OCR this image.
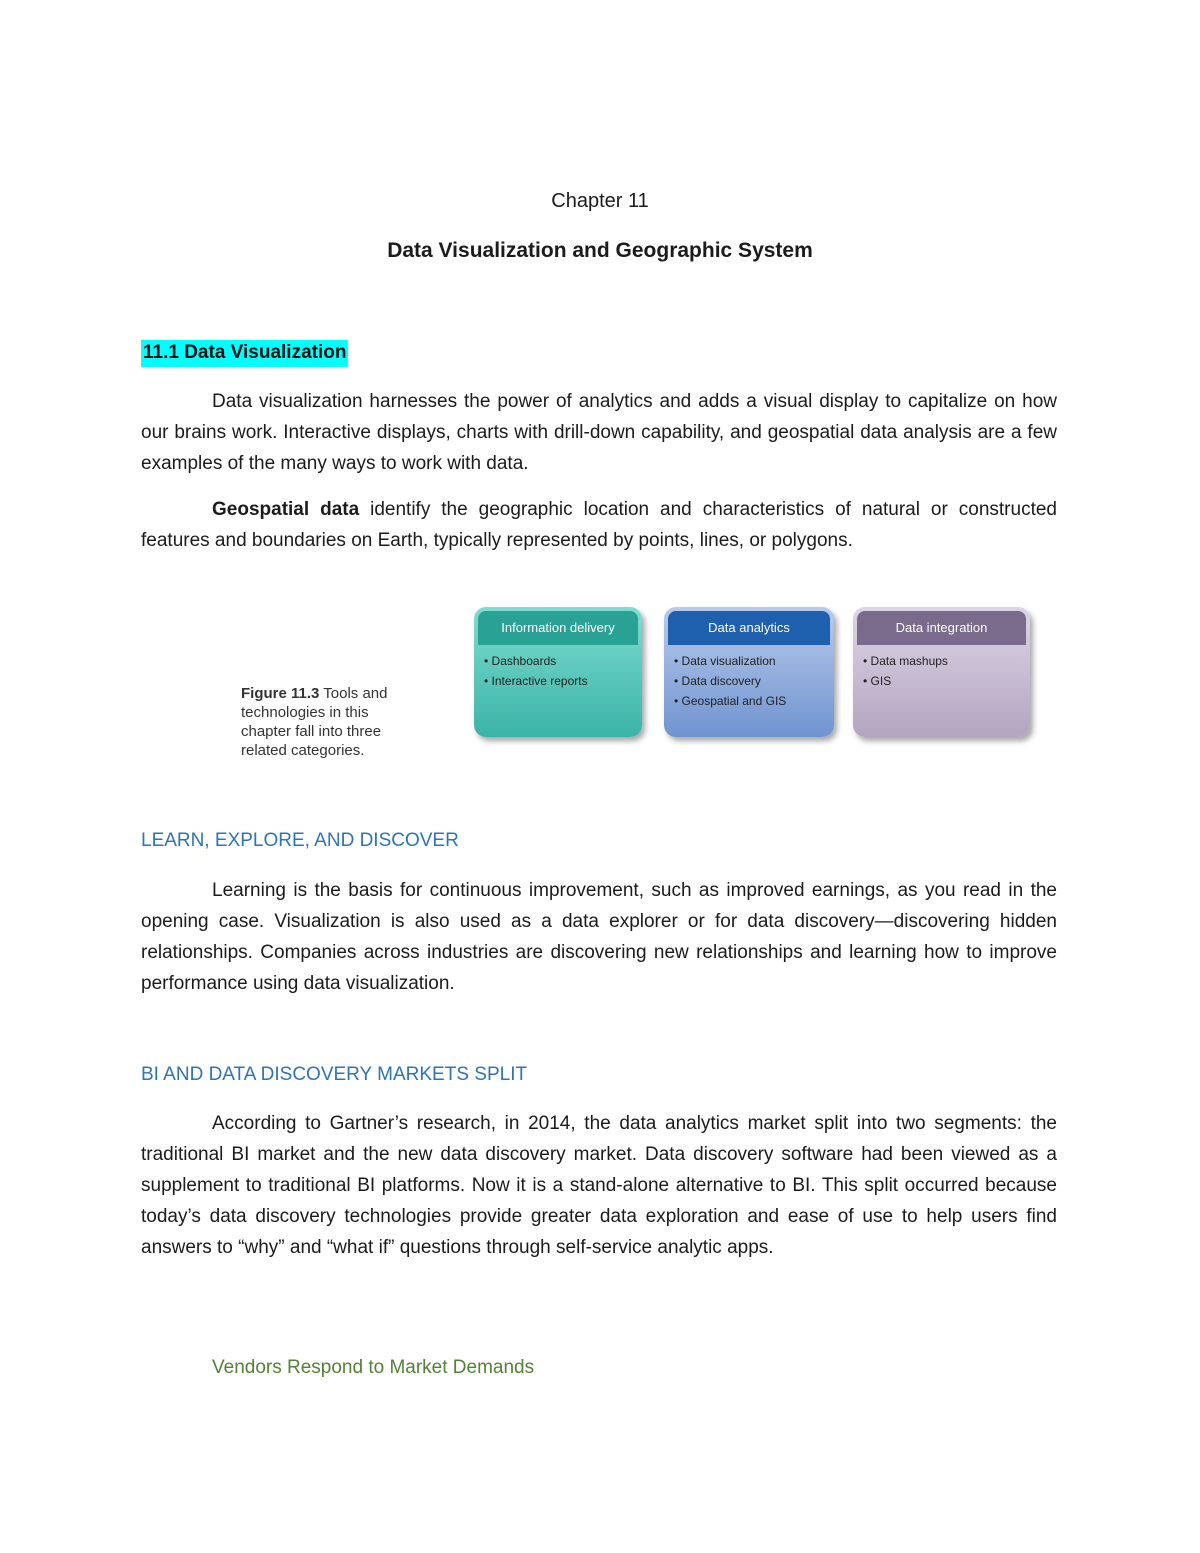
Chapter 11
Data Visualization and Geographic System
11.1 Data Visualization

Data visualization harnesses the power of analytics and adds a visual display to capitalize on how our brains work. Interactive displays, charts with drill-down capability, and geospatial data analysis are a few examples of the many ways to work with data.

Geospatial data identify the geographic location and characteristics of natural or constructed features and boundaries on Earth, typically represented by points, lines, or polygons.

Figure 11.3 Tools and technologies in this chapter fall into three related categories.
Information delivery
• Dashboards
• Interactive reports
Data analytics
• Data visualization
• Data discovery
• Geospatial and GIS
Data integration
• Data mashups
• GIS
LEARN, EXPLORE, AND DISCOVER

Learning is the basis for continuous improvement, such as improved earnings, as you read in the opening case. Visualization is also used as a data explorer or for data discovery—discovering hidden relationships. Companies across industries are discovering new relationships and learning how to improve performance using data visualization.

BI AND DATA DISCOVERY MARKETS SPLIT

According to Gartner’s research, in 2014, the data analytics market split into two segments: the traditional BI market and the new data discovery market. Data discovery software had been viewed as a supplement to traditional BI platforms. Now it is a stand-alone alternative to BI. This split occurred because today’s data discovery technologies provide greater data exploration and ease of use to help users find answers to “why” and “what if” questions through self-service analytic apps.

Vendors Respond to Market Demands
